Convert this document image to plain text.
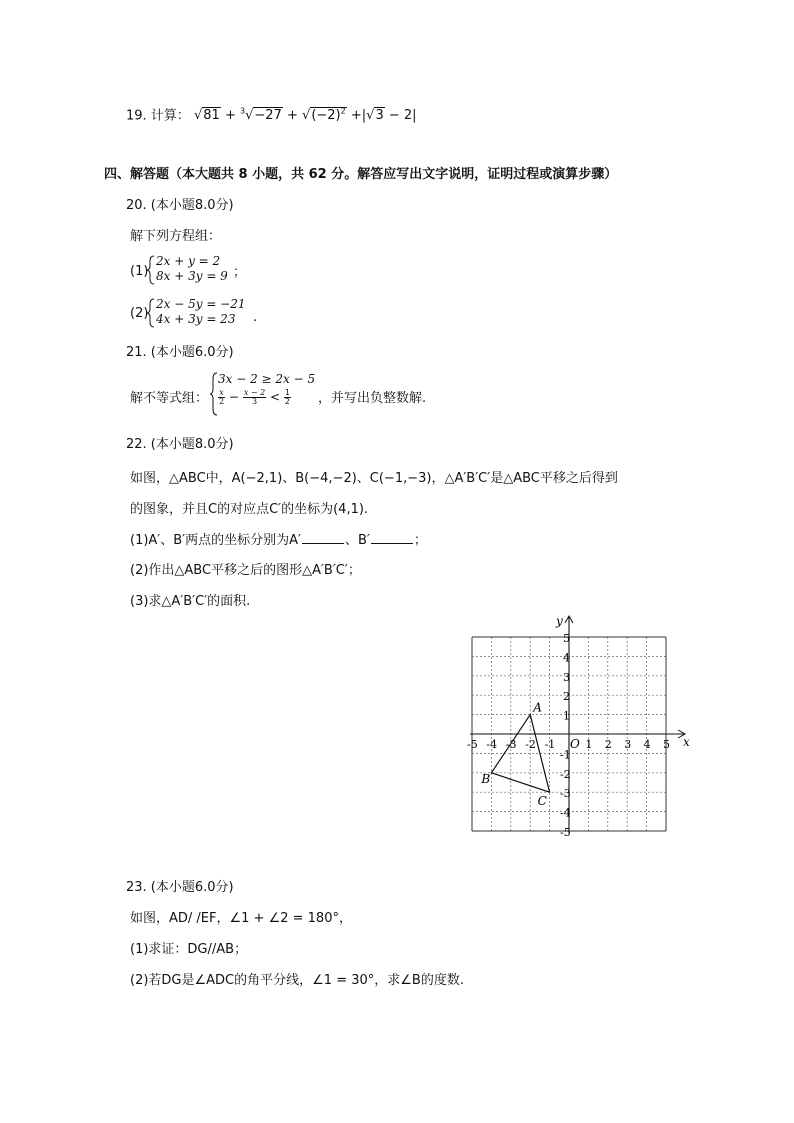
19. 计算： $√81 + ^3√-27 + √(-2)^2 +|√3 - 2|$
四、解答题（本大题共 8 小题，共 62 分。解答应写出文字说明，证明过程或演算步骤）
20. (本小题8.0分)
解下列方程组：
(1)
2x + y = 2
8x + 3y = 9 ；
(2)
2x − 5y = −21
4x + 3y = 23 .
21. (本小题6.0分)
解不等式组：
3x − 2 ≥ 2x − 5
$\frac{x}{2} - \frac{x - 2}{3} < \frac{1}{2}$ ，并写出负整数解.
22. (本小题8.0分)
如图，△ABC中，A(−2,1)、B(−4,−2)、C(−1,−3)，△A′B′C′是△ABC平移之后得到
的图象，并且C的对应点C′的坐标为(4,1).
(1)A′、B′两点的坐标分别为A′	、B′	；
(2)作出△ABC平移之后的图形△A′B′C′；
(3)求△A′B′C′的面积.
x
y
O
-5 -4 -3 -2 -1	1 2 3 4 5
5
4
3
2
1
-1
-2
-3
-4
-5
A
B
C
23. (本小题6.0分)
如图，AD/ /EF，∠1 + ∠2 = 180°，
(1)求证：DG//AB；
(2)若DG是∠ADC的角平分线，∠1 = 30°，求∠B的度数.
